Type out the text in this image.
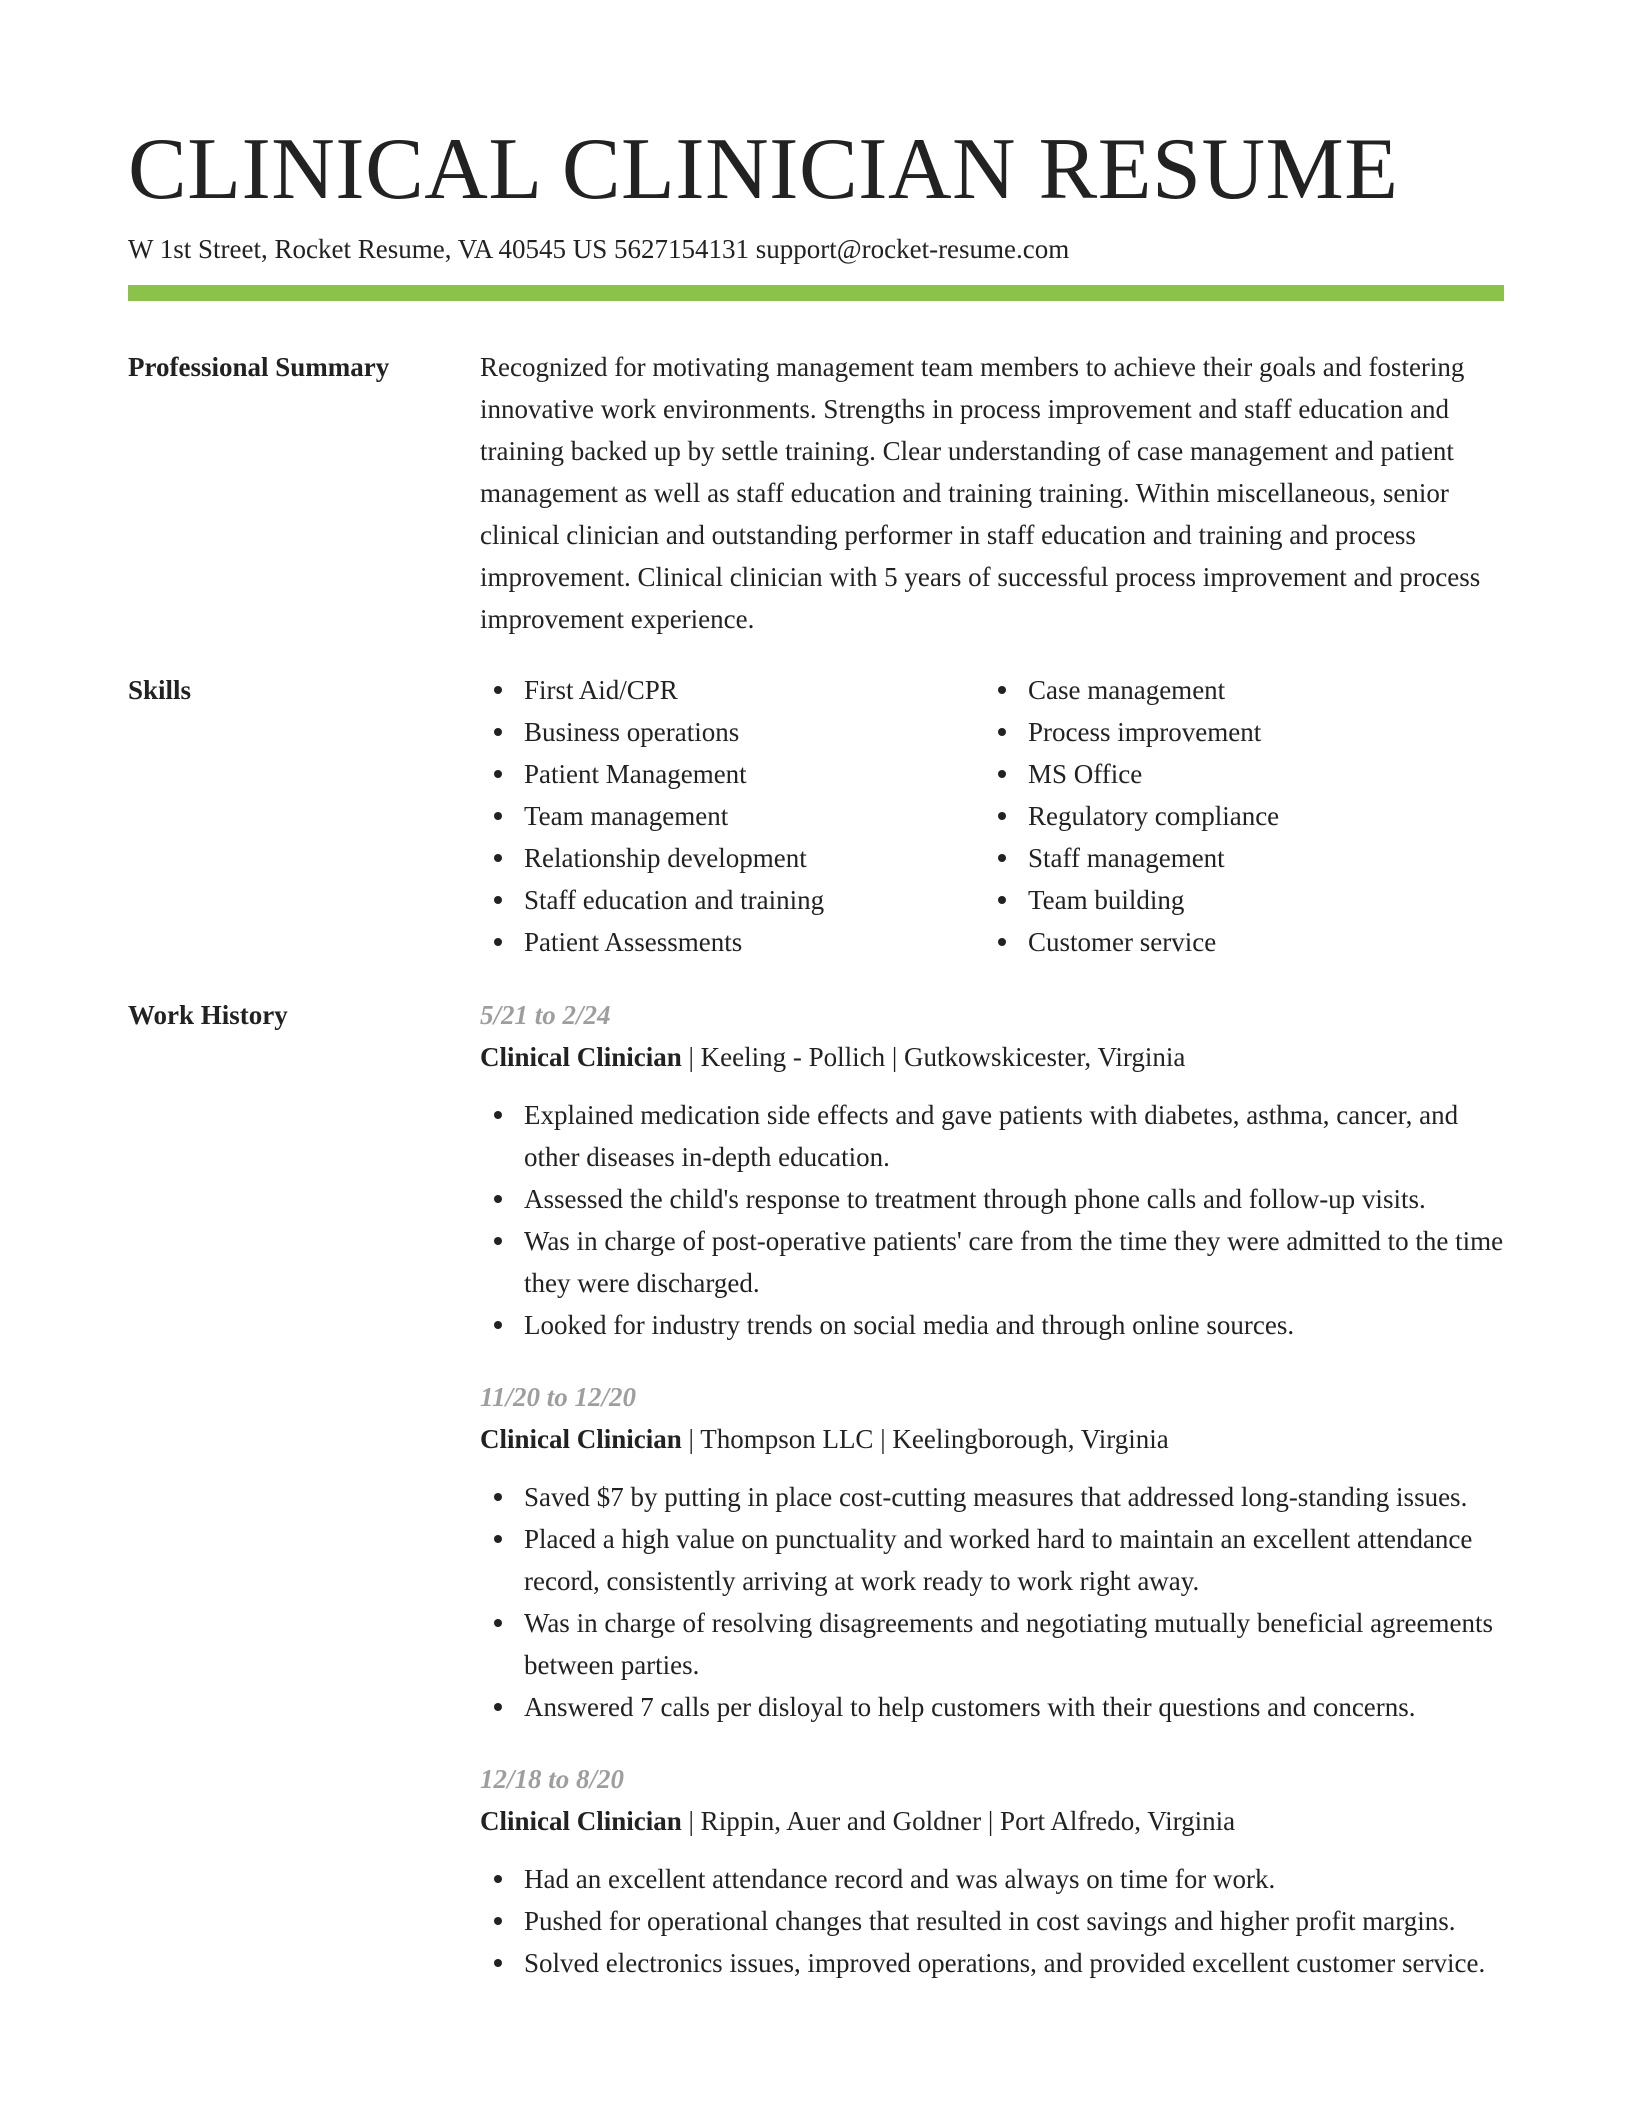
CLINICAL CLINICIAN RESUME
W 1st Street, Rocket Resume, VA 40545 US 5627154131 support@rocket-resume.com
Professional Summary	Recognized for motivating management team members to achieve their goals and fostering innovative work environments. Strengths in process improvement and staff education and training backed up by settle training. Clear understanding of case management and patient management as well as staff education and training training. Within miscellaneous, senior clinical clinician and outstanding performer in staff education and training and process improvement. Clinical clinician with 5 years of successful process improvement and process improvement experience.

Skills	First Aid/CPR
Business operations
Patient Management
Team management
Relationship development
Staff education and training
Patient Assessments
Case management
Process improvement
MS Office
Regulatory compliance
Staff management
Team building
Customer service
Work History	5/21 to 2/24
Clinical Clinician | Keeling - Pollich | Gutkowskicester, Virginia
Explained medication side effects and gave patients with diabetes, asthma, cancer, and other diseases in-depth education.
Assessed the child's response to treatment through phone calls and follow-up visits.
Was in charge of post-operative patients' care from the time they were admitted to the time they were discharged.
Looked for industry trends on social media and through online sources.
11/20 to 12/20
Clinical Clinician | Thompson LLC | Keelingborough, Virginia
Saved $7 by putting in place cost-cutting measures that addressed long-standing issues.
Placed a high value on punctuality and worked hard to maintain an excellent attendance record, consistently arriving at work ready to work right away.
Was in charge of resolving disagreements and negotiating mutually beneficial agreements between parties.
Answered 7 calls per disloyal to help customers with their questions and concerns.
12/18 to 8/20
Clinical Clinician | Rippin, Auer and Goldner | Port Alfredo, Virginia
Had an excellent attendance record and was always on time for work.
Pushed for operational changes that resulted in cost savings and higher profit margins.
Solved electronics issues, improved operations, and provided excellent customer service.
